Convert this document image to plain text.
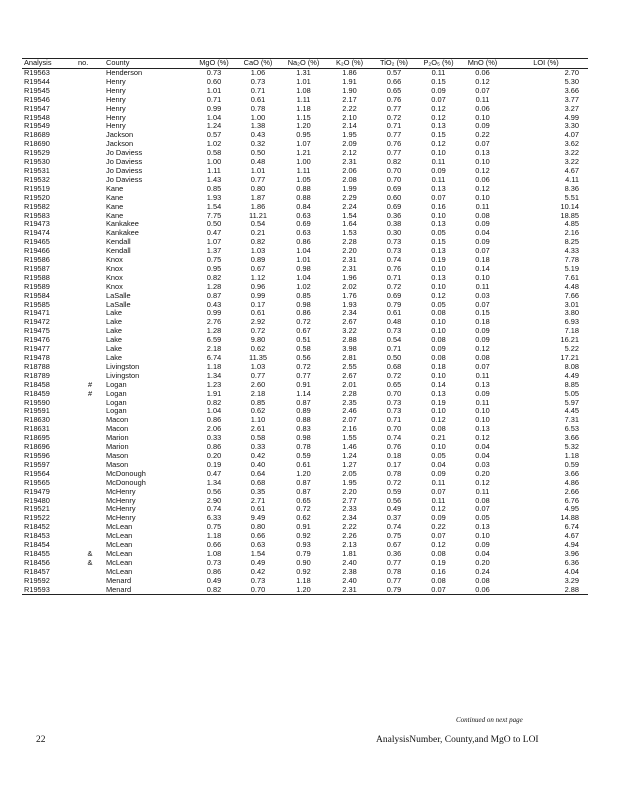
Analysis	no.	County	MgO (%)	CaO (%)	Na₂O (%)	K₂O (%)	TiO₂ (%)	P₂O₅ (%)	MnO (%)	LOI (%)
R19563		Henderson	0.73	1.06	1.31	1.86	0.57	0.11	0.06	2.70
R19544		Henry	0.60	0.73	1.01	1.91	0.66	0.15	0.12	5.30
R19545		Henry	1.01	0.71	1.08	1.90	0.65	0.09	0.07	3.66
R19546		Henry	0.71	0.61	1.11	2.17	0.76	0.07	0.11	3.77
R19547		Henry	0.99	0.78	1.18	2.22	0.77	0.12	0.06	3.27
R19548		Henry	1.04	1.00	1.15	2.10	0.72	0.12	0.10	4.99
R19549		Henry	1.24	1.38	1.20	2.14	0.71	0.13	0.09	3.30
R18689		Jackson	0.57	0.43	0.95	1.95	0.77	0.15	0.22	4.07
R18690		Jackson	1.02	0.32	1.07	2.09	0.76	0.12	0.07	3.62
R19529		Jo Daviess	0.58	0.50	1.21	2.12	0.77	0.10	0.13	3.22
R19530		Jo Daviess	1.00	0.48	1.00	2.31	0.82	0.11	0.10	3.22
R19531		Jo Daviess	1.11	1.01	1.11	2.06	0.70	0.09	0.12	4.67
R19532		Jo Daviess	1.43	0.77	1.05	2.08	0.70	0.11	0.06	4.11
R19519		Kane	0.85	0.80	0.88	1.99	0.69	0.13	0.12	8.36
R19520		Kane	1.93	1.87	0.88	2.29	0.60	0.07	0.10	5.51
R19582		Kane	1.54	1.86	0.84	2.24	0.69	0.16	0.11	10.14
R19583		Kane	7.75	11.21	0.63	1.54	0.36	0.10	0.08	18.85
R19473		Kankakee	0.50	0.54	0.69	1.64	0.38	0.13	0.09	4.85
R19474		Kankakee	0.47	0.21	0.63	1.53	0.30	0.05	0.04	2.16
R19465		Kendall	1.07	0.82	0.86	2.28	0.73	0.15	0.09	8.25
R19466		Kendall	1.37	1.03	1.04	2.20	0.73	0.13	0.07	4.33
R19586		Knox	0.75	0.89	1.01	2.31	0.74	0.19	0.18	7.78
R19587		Knox	0.95	0.67	0.98	2.31	0.76	0.10	0.14	5.19
R19588		Knox	0.82	1.12	1.04	1.96	0.71	0.13	0.10	7.61
R19589		Knox	1.28	0.96	1.02	2.02	0.72	0.10	0.11	4.48
R19584		LaSalle	0.87	0.99	0.85	1.76	0.69	0.12	0.03	7.66
R19585		LaSalle	0.43	0.17	0.98	1.93	0.79	0.05	0.07	3.01
R19471		Lake	0.99	0.61	0.86	2.34	0.61	0.08	0.15	3.80
R19472		Lake	2.76	2.92	0.72	2.67	0.48	0.10	0.18	6.93
R19475		Lake	1.28	0.72	0.67	3.22	0.73	0.10	0.09	7.18
R19476		Lake	6.59	9.80	0.51	2.88	0.54	0.08	0.09	16.21
R19477		Lake	2.18	0.62	0.58	3.98	0.71	0.09	0.12	5.22
R19478		Lake	6.74	11.35	0.56	2.81	0.50	0.08	0.08	17.21
R18788		Livingston	1.18	1.03	0.72	2.55	0.68	0.18	0.07	8.08
R18789		Livingston	1.34	0.77	0.77	2.67	0.72	0.10	0.11	4.49
R18458	#	Logan	1.23	2.60	0.91	2.01	0.65	0.14	0.13	8.85
R18459	#	Logan	1.91	2.18	1.14	2.28	0.70	0.13	0.09	5.05
R19590		Logan	0.82	0.85	0.87	2.35	0.73	0.19	0.11	5.97
R19591		Logan	1.04	0.62	0.89	2.46	0.73	0.10	0.10	4.45
R18630		Macon	0.86	1.10	0.88	2.07	0.71	0.12	0.10	7.31
R18631		Macon	2.06	2.61	0.83	2.16	0.70	0.08	0.13	6.53
R18695		Marion	0.33	0.58	0.98	1.55	0.74	0.21	0.12	3.66
R18696		Marion	0.86	0.33	0.78	1.46	0.76	0.10	0.04	5.32
R19596		Mason	0.20	0.42	0.59	1.24	0.18	0.05	0.04	1.18
R19597		Mason	0.19	0.40	0.61	1.27	0.17	0.04	0.03	0.59
R19564		McDonough	0.47	0.64	1.20	2.05	0.78	0.09	0.20	3.66
R19565		McDonough	1.34	0.68	0.87	1.95	0.72	0.11	0.12	4.86
R19479		McHenry	0.56	0.35	0.87	2.20	0.59	0.07	0.11	2.66
R19480		McHenry	2.90	2.71	0.65	2.77	0.56	0.11	0.08	6.76
R19521		McHenry	0.74	0.61	0.72	2.33	0.49	0.12	0.07	4.95
R19522		McHenry	6.33	9.49	0.62	2.34	0.37	0.09	0.05	14.88
R18452		McLean	0.75	0.80	0.91	2.22	0.74	0.22	0.13	6.74
R18453		McLean	1.18	0.66	0.92	2.26	0.75	0.07	0.10	4.67
R18454		McLean	0.66	0.63	0.93	2.13	0.67	0.12	0.09	4.94
R18455	&	McLean	1.08	1.54	0.79	1.81	0.36	0.08	0.04	3.96
R18456	&	McLean	0.73	0.49	0.90	2.40	0.77	0.19	0.20	6.36
R18457		McLean	0.86	0.42	0.92	2.38	0.78	0.16	0.24	4.04
R19592		Menard	0.49	0.73	1.18	2.40	0.77	0.08	0.08	3.29
R19593		Menard	0.82	0.70	1.20	2.31	0.79	0.07	0.06	2.88
Continued on next page
22	AnalysisNumber, County,and MgO to LOI
